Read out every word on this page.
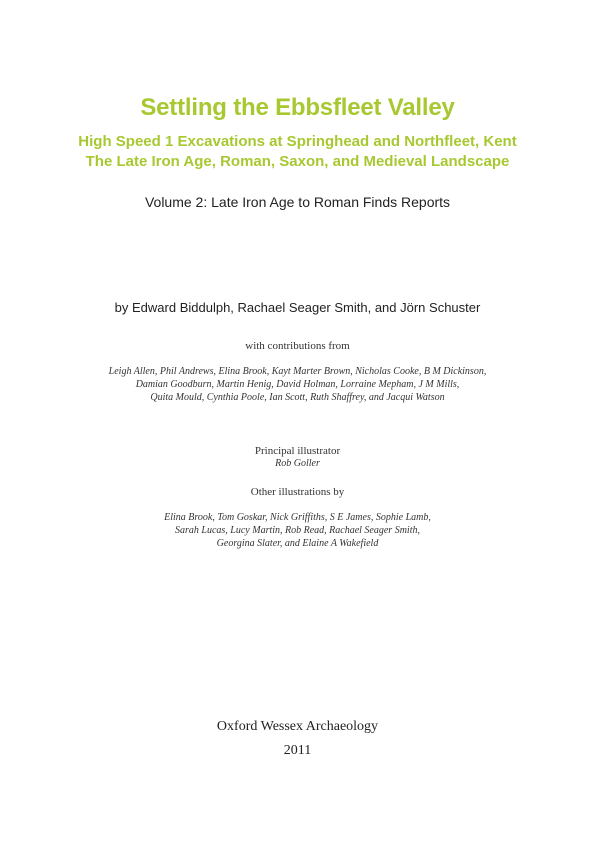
Settling the Ebbsfleet Valley
High Speed 1 Excavations at Springhead and Northfleet, Kent
The Late Iron Age, Roman, Saxon, and Medieval Landscape
Volume 2: Late Iron Age to Roman Finds Reports
by Edward Biddulph, Rachael Seager Smith, and Jörn Schuster
with contributions from
Leigh Allen, Phil Andrews, Elina Brook, Kayt Marter Brown, Nicholas Cooke, B M Dickinson,
Damian Goodburn, Martin Henig, David Holman, Lorraine Mepham, J M Mills,
Quita Mould, Cynthia Poole, Ian Scott, Ruth Shaffrey, and Jacqui Watson
Principal illustrator
Rob Goller
Other illustrations by
Elina Brook, Tom Goskar, Nick Griffiths, S E James, Sophie Lamb,
Sarah Lucas, Lucy Martin, Rob Read, Rachael Seager Smith,
Georgina Slater, and Elaine A Wakefield
Oxford Wessex Archaeology
2011
